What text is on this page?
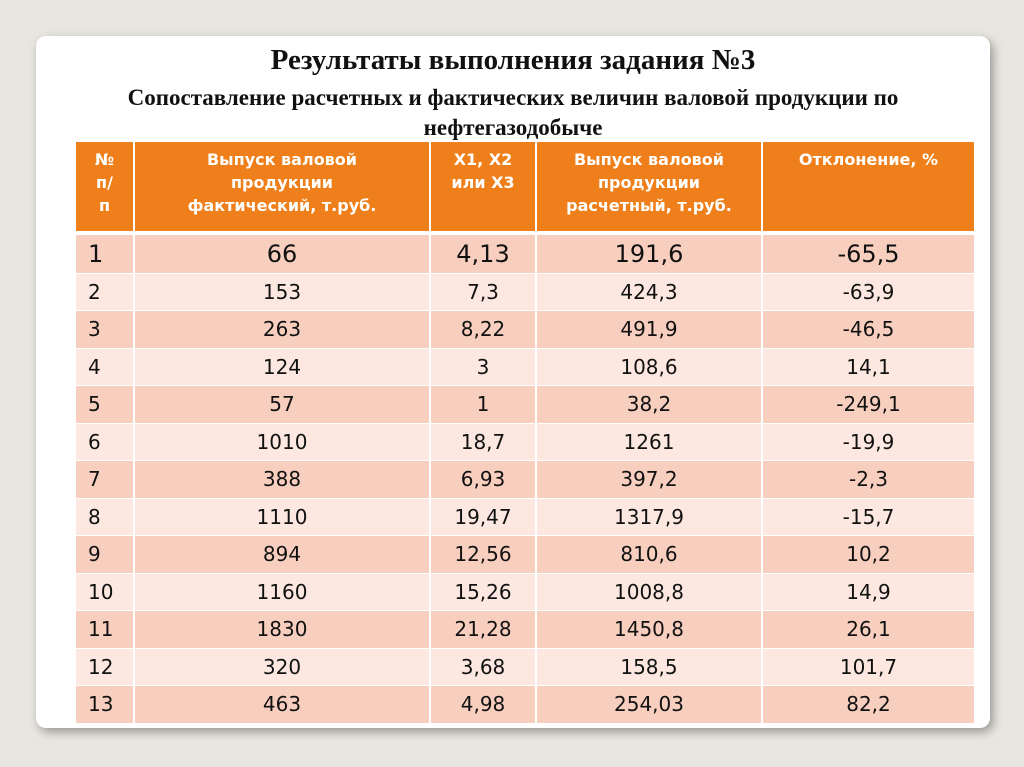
Результаты выполнения задания №3
Сопоставление расчетных и фактических величин валовой продукции по нефтегазодобыче
№ п/ п	Выпуск валовой продукции фактический, т.руб.	Х1, Х2 или Х3	Выпуск валовой продукции расчетный, т.руб.	Отклонение, %
1	66	4,13	191,6	-65,5
2	153	7,3	424,3	-63,9
3	263	8,22	491,9	-46,5
4	124	3	108,6	14,1
5	57	1	38,2	-249,1
6	1010	18,7	1261	-19,9
7	388	6,93	397,2	-2,3
8	1110	19,47	1317,9	-15,7
9	894	12,56	810,6	10,2
10	1160	15,26	1008,8	14,9
11	1830	21,28	1450,8	26,1
12	320	3,68	158,5	101,7
13	463	4,98	254,03	82,2
